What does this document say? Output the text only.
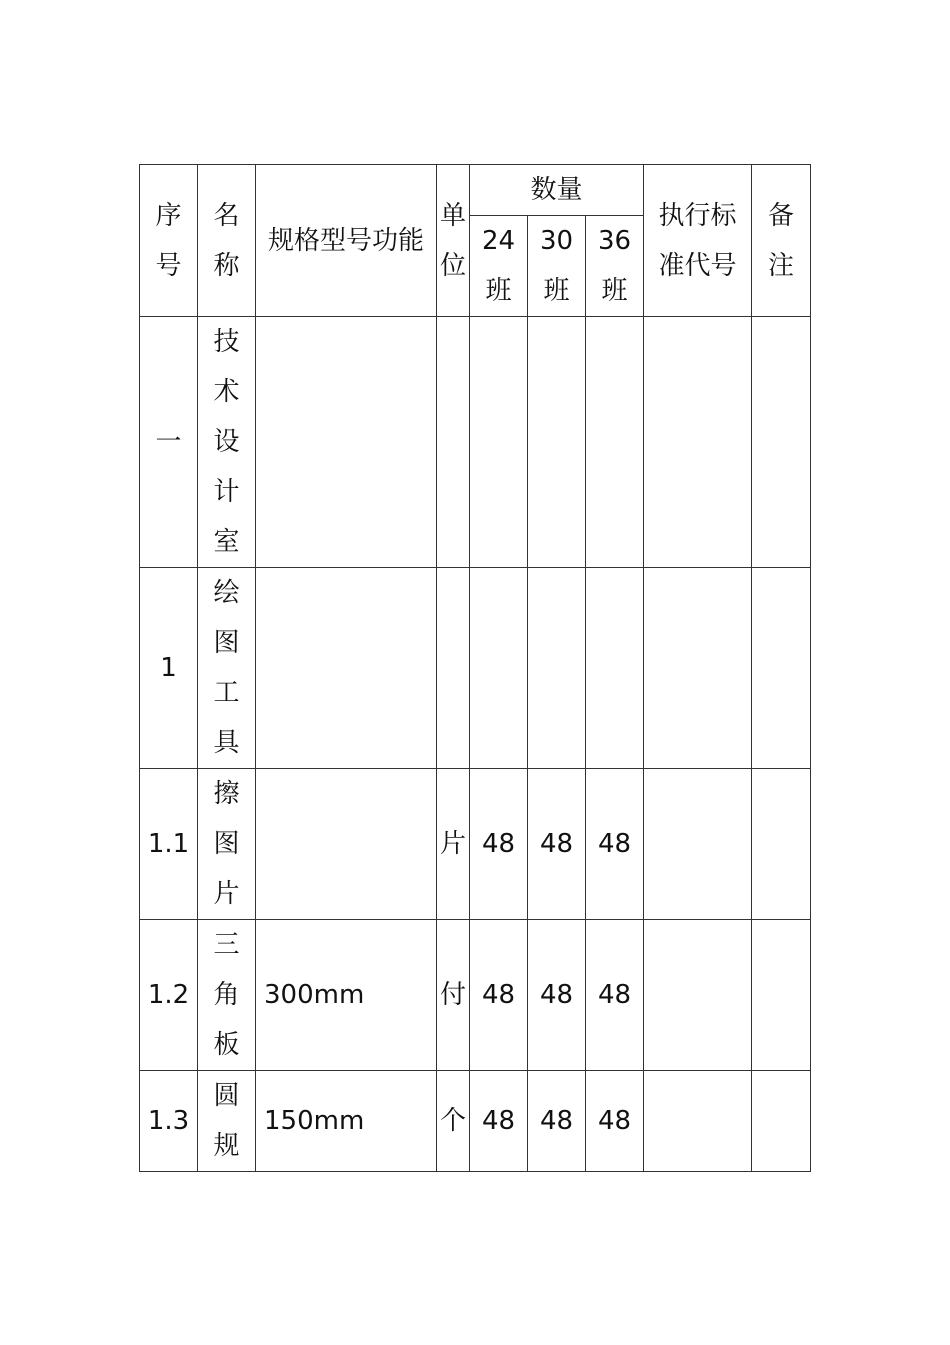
序号	名称	规格型号功能	单位	数量			执行标准代号	备注

				24班	30班	36班		

一	技术设计室							

1	绘图工具							

1.1	擦图片		片	48	48	48		
1.2	三角板	300mm	付	48	48	48		
1.3	圆规	150mm	个	48	48	48		
